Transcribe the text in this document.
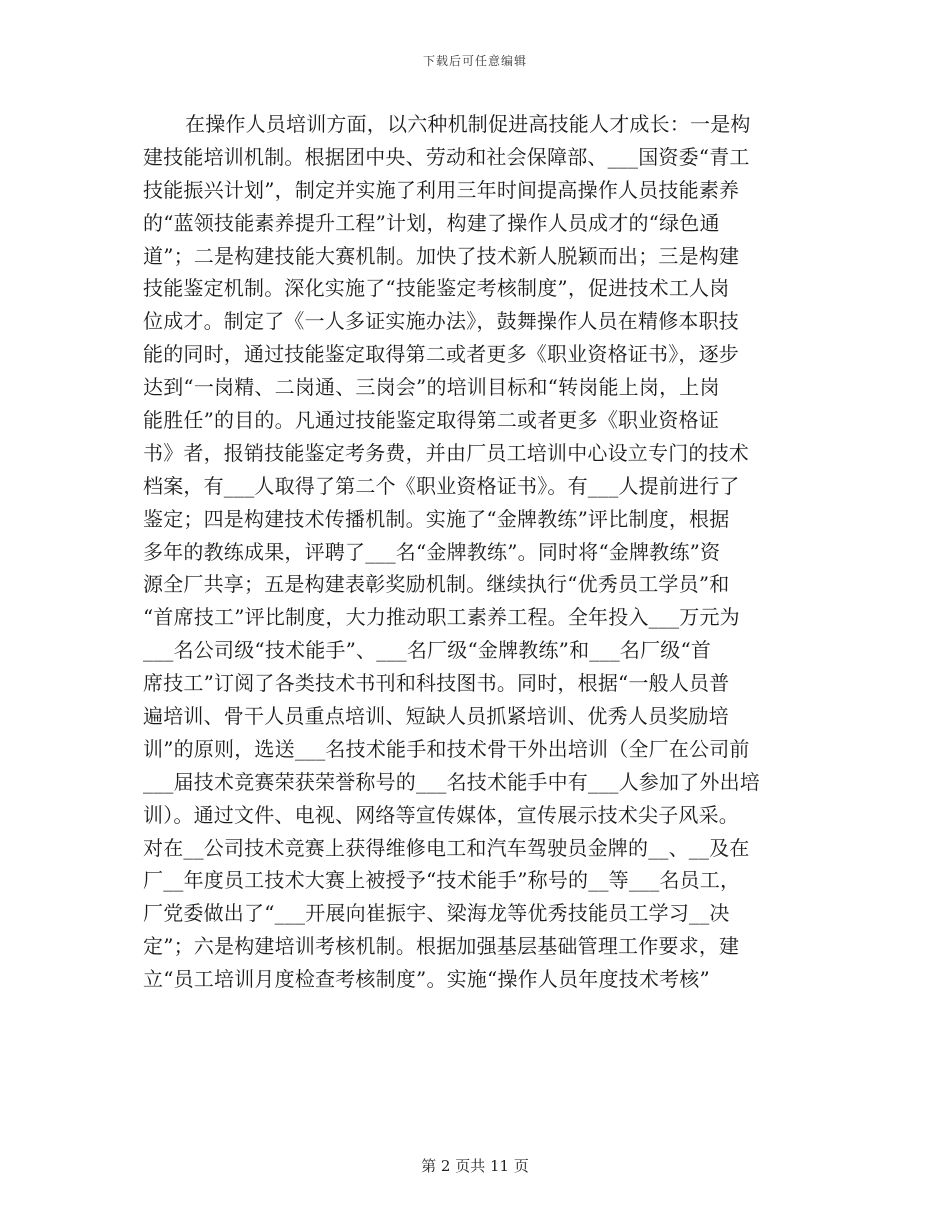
下载后可任意编辑
在操作人员培训方面，以六种机制促进高技能人才成长：一是构
建技能培训机制。根据团中央、劳动和社会保障部、___国资委“青工
技能振兴计划”，制定并实施了利用三年时间提高操作人员技能素养
的“蓝领技能素养提升工程”计划，构建了操作人员成才的“绿色通
道”；二是构建技能大赛机制。加快了技术新人脱颖而出；三是构建
技能鉴定机制。深化实施了“技能鉴定考核制度”，促进技术工人岗
位成才。制定了《一人多证实施办法》，鼓舞操作人员在精修本职技
能的同时，通过技能鉴定取得第二或者更多《职业资格证书》，逐步
达到“一岗精、二岗通、三岗会”的培训目标和“转岗能上岗，上岗
能胜任”的目的。凡通过技能鉴定取得第二或者更多《职业资格证
书》者，报销技能鉴定考务费，并由厂员工培训中心设立专门的技术
档案，有___人取得了第二个《职业资格证书》。有___人提前进行了
鉴定；四是构建技术传播机制。实施了“金牌教练”评比制度，根据
多年的教练成果，评聘了___名“金牌教练”。同时将“金牌教练”资
源全厂共享；五是构建表彰奖励机制。继续执行“优秀员工学员”和
“首席技工”评比制度，大力推动职工素养工程。全年投入___万元为
___名公司级“技术能手”、___名厂级“金牌教练”和___名厂级“首
席技工”订阅了各类技术书刊和科技图书。同时，根据“一般人员普
遍培训、骨干人员重点培训、短缺人员抓紧培训、优秀人员奖励培
训”的原则，选送___名技术能手和技术骨干外出培训（全厂在公司前
___届技术竞赛荣获荣誉称号的___名技术能手中有___人参加了外出培
训）。通过文件、电视、网络等宣传媒体，宣传展示技术尖子风采。
对在__公司技术竞赛上获得维修电工和汽车驾驶员金牌的__、__及在
厂__年度员工技术大赛上被授予“技术能手”称号的__等___名员工，
厂党委做出了“___开展向崔振宇、梁海龙等优秀技能员工学习__决
定”；六是构建培训考核机制。根据加强基层基础管理工作要求，建
立“员工培训月度检查考核制度”。实施“操作人员年度技术考核”
第 2 页共 11 页
